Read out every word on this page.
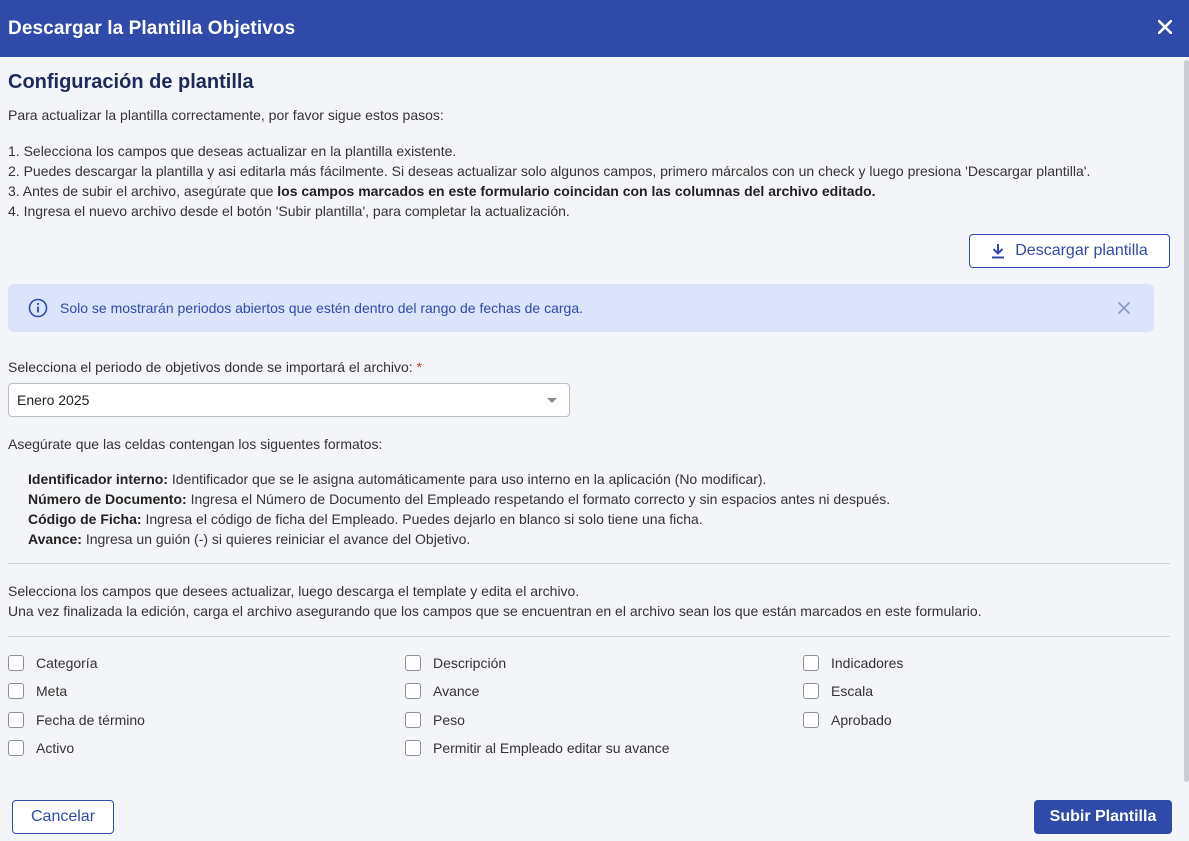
Descargar la Plantilla Objetivos
Configuración de plantilla
Para actualizar la plantilla correctamente, por favor sigue estos pasos:
1. Selecciona los campos que deseas actualizar en la plantilla existente.
2. Puedes descargar la plantilla y asi editarla más fácilmente. Si deseas actualizar solo algunos campos, primero márcalos con un check y luego presiona 'Descargar plantilla'.
3. Antes de subir el archivo, asegúrate que los campos marcados en este formulario coincidan con las columnas del archivo editado.
4. Ingresa el nuevo archivo desde el botón 'Subir plantilla', para completar la actualización.
Descargar plantilla
Solo se mostrarán periodos abiertos que estén dentro del rango de fechas de carga.
Selecciona el periodo de objetivos donde se importará el archivo: *
Enero 2025
Asegúrate que las celdas contengan los siguentes formatos:
Identificador interno: Identificador que se le asigna automáticamente para uso interno en la aplicación (No modificar).
Número de Documento: Ingresa el Número de Documento del Empleado respetando el formato correcto y sin espacios antes ni después.
Código de Ficha: Ingresa el código de ficha del Empleado. Puedes dejarlo en blanco si solo tiene una ficha.
Avance: Ingresa un guión (-) si quieres reiniciar el avance del Objetivo.
Selecciona los campos que desees actualizar, luego descarga el template y edita el archivo.
Una vez finalizada la edición, carga el archivo asegurando que los campos que se encuentran en el archivo sean los que están marcados en este formulario.
Categoría	Descripción	Indicadores
Meta	Avance	Escala
Fecha de término	Peso	Aprobado
Activo	Permitir al Empleado editar su avance
Cancelar	Subir Plantilla
